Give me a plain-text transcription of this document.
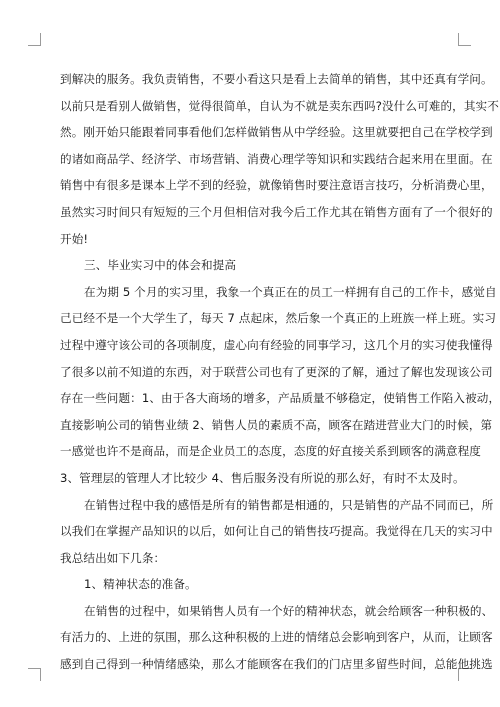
到解决的服务。我负责销售，不要小看这只是看上去简单的销售，其中还真有学问。
以前只是看别人做销售，觉得很简单，自认为不就是卖东西吗?没什么可难的，其实不
然。刚开始只能跟着同事看他们怎样做销售从中学经验。这里就要把自己在学校学到
的诸如商品学、经济学、市场营销、消费心理学等知识和实践结合起来用在里面。在
销售中有很多是课本上学不到的经验，就像销售时要注意语言技巧，分析消费心里，
虽然实习时间只有短短的三个月但相信对我今后工作尤其在销售方面有了一个很好的
开始!
三、毕业实习中的体会和提高
在为期 5 个月的实习里，我象一个真正在的员工一样拥有自己的工作卡，感觉自
己已经不是一个大学生了，每天 7 点起床，然后象一个真正的上班族一样上班。实习
过程中遵守该公司的各项制度，虚心向有经验的同事学习，这几个月的实习使我懂得
了很多以前不知道的东西，对于联营公司也有了更深的了解，通过了解也发现该公司
存在一些问题：1、由于各大商场的增多，产品质量不够稳定，使销售工作陷入被动，
直接影响公司的销售业绩 2、销售人员的素质不高，顾客在踏进营业大门的时候，第
一感觉也许不是商品，而是企业员工的态度，态度的好直接关系到顾客的满意程度
3、管理层的管理人才比较少 4、售后服务没有所说的那么好，有时不太及时。
在销售过程中我的感悟是所有的销售都是相通的，只是销售的产品不同而已，所
以我们在掌握产品知识的以后，如何让自己的销售技巧提高。我觉得在几天的实习中
我总结出如下几条：
1、精神状态的准备。
在销售的过程中，如果销售人员有一个好的精神状态，就会给顾客一种积极的、
有活力的、上进的氛围，那么这种积极的上进的情绪总会影响到客户，从而，让顾客
感到自己得到一种情绪感染，那么才能顾客在我们的门店里多留些时间，总能他挑选
